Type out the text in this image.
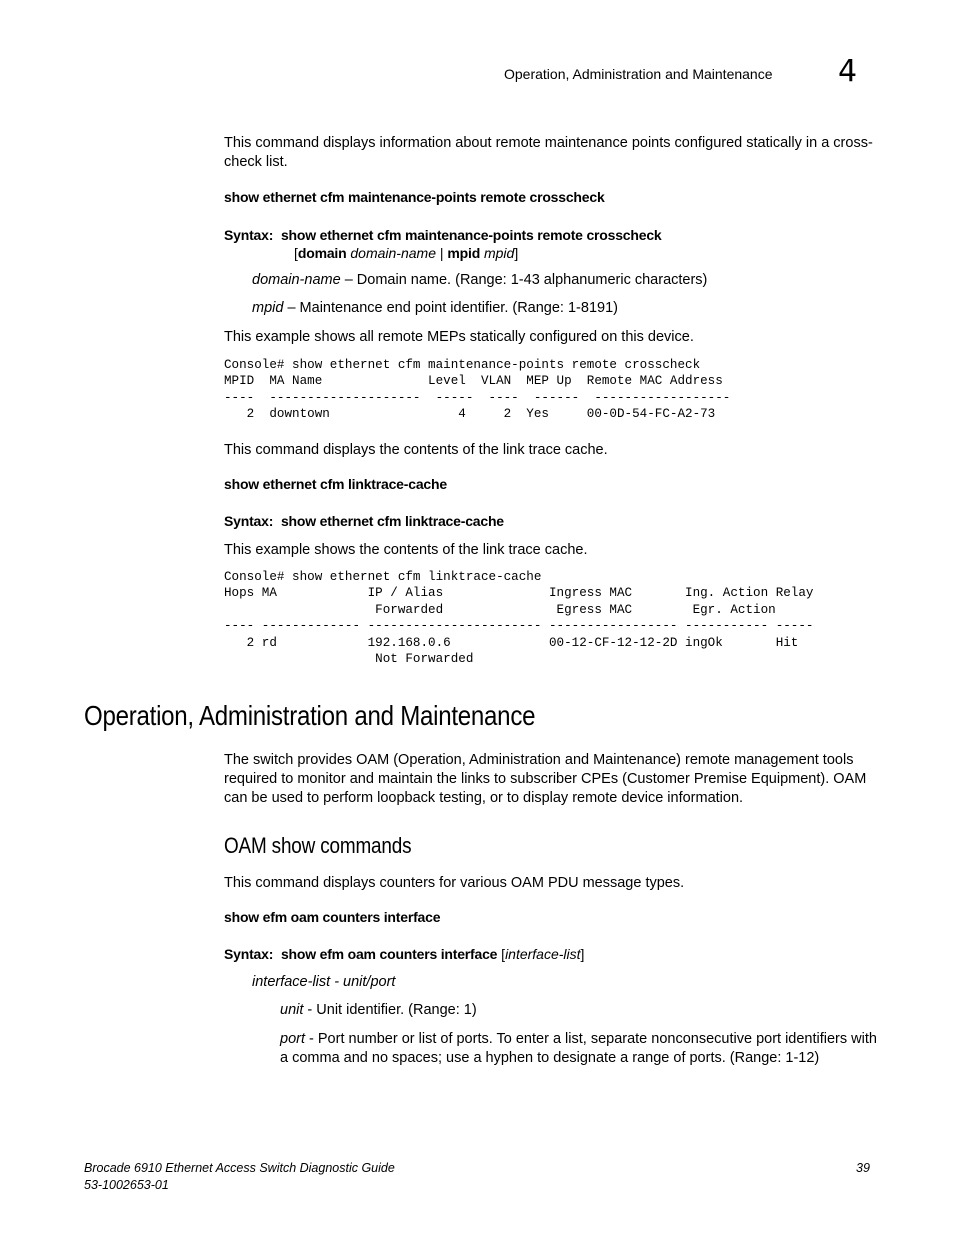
Operation, Administration and Maintenance 4
This command displays information about remote maintenance points configured statically in a cross-check list.
show ethernet cfm maintenance-points remote crosscheck
Syntax: show ethernet cfm maintenance-points remote crosscheck
[domain domain-name | mpid mpid]
domain-name – Domain name. (Range: 1-43 alphanumeric characters)
mpid – Maintenance end point identifier. (Range: 1-8191)
This example shows all remote MEPs statically configured on this device.
Console# show ethernet cfm maintenance-points remote crosscheck
MPID  MA Name              Level  VLAN  MEP Up  Remote MAC Address
----  --------------------  -----  ----  ------  ------------------
2  downtown                 4     2  Yes     00-0D-54-FC-A2-73
This command displays the contents of the link trace cache.
show ethernet cfm linktrace-cache
Syntax: show ethernet cfm linktrace-cache
This example shows the contents of the link trace cache.
Console# show ethernet cfm linktrace-cache
Hops MA            IP / Alias              Ingress MAC       Ing. Action Relay
Forwarded               Egress MAC        Egr. Action
---- ------------- ----------------------- ----------------- ----------- -----
2 rd            192.168.0.6             00-12-CF-12-12-2D ingOk       Hit
Not Forwarded
Operation, Administration and Maintenance
The switch provides OAM (Operation, Administration and Maintenance) remote management tools required to monitor and maintain the links to subscriber CPEs (Customer Premise Equipment). OAM can be used to perform loopback testing, or to display remote device information.
OAM show commands
This command displays counters for various OAM PDU message types.
show efm oam counters interface
Syntax: show efm oam counters interface [interface-list]
interface-list - unit/port
unit - Unit identifier. (Range: 1)
port - Port number or list of ports. To enter a list, separate nonconsecutive port identifiers with a comma and no spaces; use a hyphen to designate a range of ports. (Range: 1-12)
Brocade 6910 Ethernet Access Switch Diagnostic Guide
53-1002653-01
39
